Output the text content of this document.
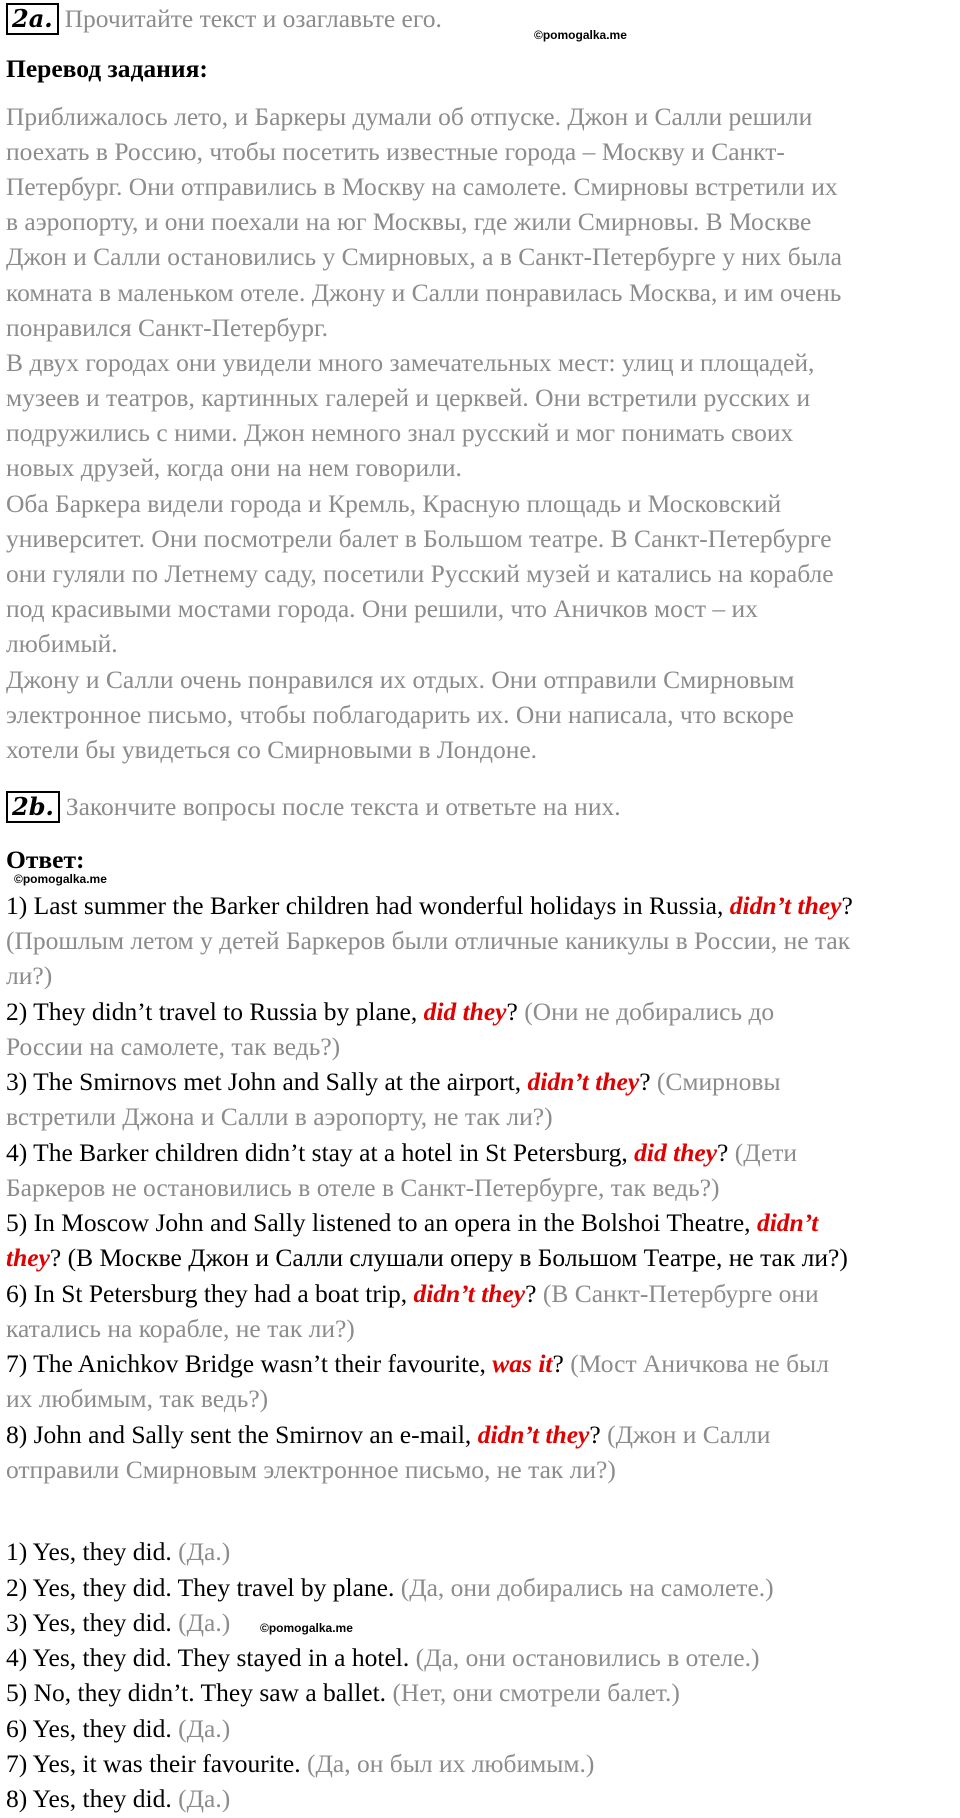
2a. Прочитайте текст и озаглавьте его.
©pomogalka.me
Перевод задания:
Приближалось лето, и Баркеры думали об отпуске. Джон и Салли решили
поехать в Россию, чтобы посетить известные города – Москву и Санкт-
Петербург. Они отправились в Москву на самолете. Смирновы встретили их
в аэропорту, и они поехали на юг Москвы, где жили Смирновы. В Москве
Джон и Салли остановились у Смирновых, а в Санкт-Петербурге у них была
комната в маленьком отеле. Джону и Салли понравилась Москва, и им очень
понравился Санкт-Петербург.
В двух городах они увидели много замечательных мест: улиц и площадей,
музеев и театров, картинных галерей и церквей. Они встретили русских и
подружились с ними. Джон немного знал русский и мог понимать своих
новых друзей, когда они на нем говорили.
Оба Баркера видели города и Кремль, Красную площадь и Московский
университет. Они посмотрели балет в Большом театре. В Санкт-Петербурге
они гуляли по Летнему саду, посетили Русский музей и катались на корабле
под красивыми мостами города. Они решили, что Аничков мост – их
любимый.
Джону и Салли очень понравился их отдых. Они отправили Смирновым
электронное письмо, чтобы поблагодарить их. Они написала, что вскоре
хотели бы увидеться со Смирновыми в Лондоне.
2b. Закончите вопросы после текста и ответьте на них.
Ответ:
©pomogalka.me
1) Last summer the Barker children had wonderful holidays in Russia, didn’t they?
(Прошлым летом у детей Баркеров были отличные каникулы в России, не так
ли?)
2) They didn’t travel to Russia by plane, did they? (Они не добирались до
России на самолете, так ведь?)
3) The Smirnovs met John and Sally at the airport, didn’t they? (Смирновы
встретили Джона и Салли в аэропорту, не так ли?)
4) The Barker children didn’t stay at a hotel in St Petersburg, did they? (Дети
Баркеров не остановились в отеле в Санкт-Петербурге, так ведь?)
5) In Moscow John and Sally listened to an opera in the Bolshoi Theatre, didn’t
they? (В Москве Джон и Салли слушали оперу в Большом Театре, не так ли?)
6) In St Petersburg they had a boat trip, didn’t they? (В Санкт-Петербурге они
катались на корабле, не так ли?)
7) The Anichkov Bridge wasn’t their favourite, was it? (Мост Аничкова не был
их любимым, так ведь?)
8) John and Sally sent the Smirnov an e-mail, didn’t they? (Джон и Салли
отправили Смирновым электронное письмо, не так ли?)
1) Yes, they did. (Да.)
2) Yes, they did. They travel by plane. (Да, они добирались на самолете.)
3) Yes, they did. (Да.) ©pomogalka.me
4) Yes, they did. They stayed in a hotel. (Да, они остановились в отеле.)
5) No, they didn’t. They saw a ballet. (Нет, они смотрели балет.)
6) Yes, they did. (Да.)
7) Yes, it was their favourite. (Да, он был их любимым.)
8) Yes, they did. (Да.)
